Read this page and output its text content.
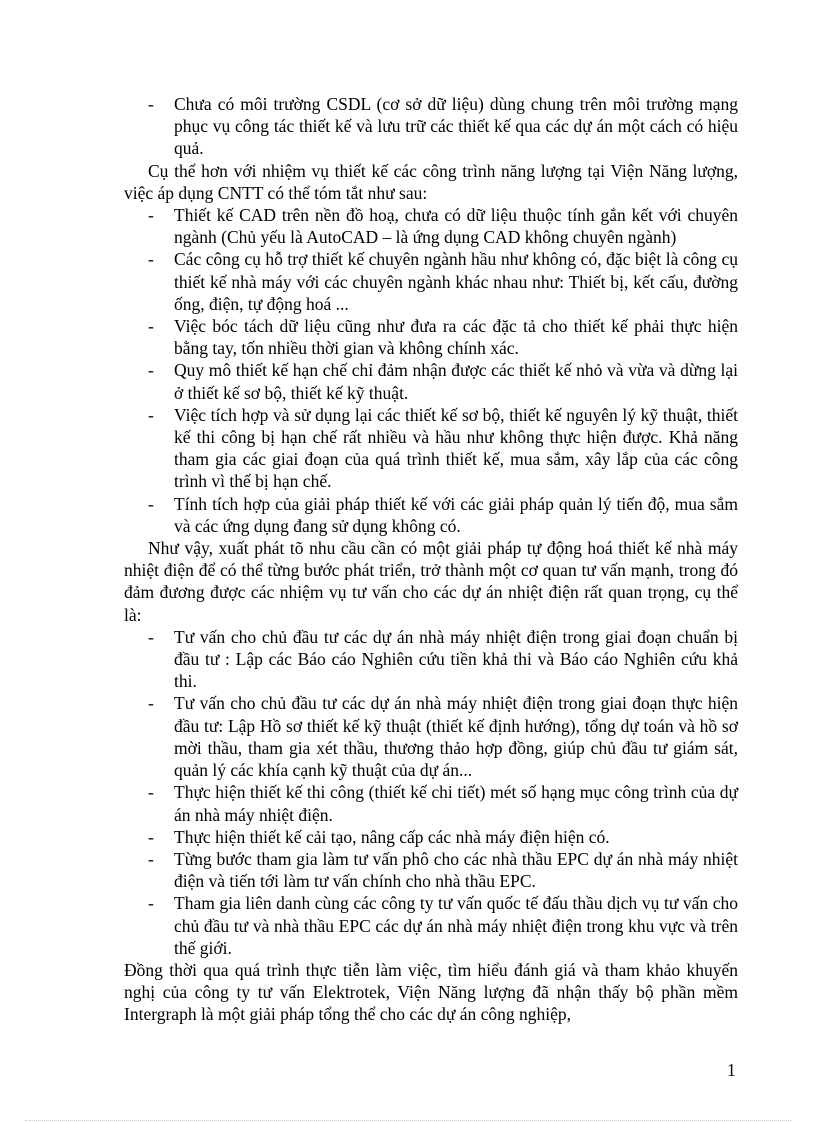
- Chưa có môi trường CSDL (cơ sở dữ liệu) dùng chung trên môi trường mạng phục vụ công tác thiết kế và lưu trữ các thiết kế qua các dự án một cách có hiệu quả.
Cụ thể hơn với nhiệm vụ thiết kế các công trình năng lượng tại Viện Năng lượng, việc áp dụng CNTT có thể tóm tắt như sau:
- Thiết kế CAD trên nền đồ hoạ, chưa có dữ liệu thuộc tính gắn kết với chuyên ngành (Chủ yếu là AutoCAD – là ứng dụng CAD không chuyên ngành)
- Các công cụ hỗ trợ thiết kế chuyên ngành hầu như không có, đặc biệt là công cụ thiết kế nhà máy với các chuyên ngành khác nhau như: Thiết bị, kết cấu, đường ống, điện, tự động hoá ...
- Việc bóc tách dữ liệu cũng như đưa ra các đặc tả cho thiết kế phải thực hiện bằng tay, tốn nhiều thời gian và không chính xác.
- Quy mô thiết kế hạn chế chỉ đảm nhận được các thiết kế nhỏ và vừa và dừng lại ở thiết kế sơ bộ, thiết kế kỹ thuật.
- Việc tích hợp và sử dụng lại các thiết kế sơ bộ, thiết kế nguyên lý kỹ thuật, thiết kế thi công bị hạn chế rất nhiều và hầu như không thực hiện được. Khả năng tham gia các giai đoạn của quá trình thiết kế, mua sắm, xây lắp của các công trình vì thế bị hạn chế.
- Tính tích hợp của giải pháp thiết kế với các giải pháp quản lý tiến độ, mua sắm và các ứng dụng đang sử dụng không có.
Như vậy, xuất phát tõ nhu cầu cần có một giải pháp tự động hoá thiết kế nhà máy nhiệt điện để có thể từng bước phát triển, trở thành một cơ quan tư vấn mạnh, trong đó đảm đương được các nhiệm vụ tư vấn cho các dự án nhiệt điện rất quan trọng, cụ thể là:
- Tư vấn cho chủ đầu tư các dự án nhà máy nhiệt điện trong giai đoạn chuẩn bị đầu tư : Lập các Báo cáo Nghiên cứu tiền khả thi và Báo cáo Nghiên cứu khả thi.
- Tư vấn cho chủ đầu tư các dự án nhà máy nhiệt điện trong giai đoạn thực hiện đầu tư: Lập Hồ sơ thiết kế kỹ thuật (thiết kế định hướng), tổng dự toán và hồ sơ mời thầu, tham gia xét thầu, thương thảo hợp đồng, giúp chủ đầu tư giám sát, quản lý các khía cạnh kỹ thuật của dự án...
- Thực hiện thiết kế thi công (thiết kế chi tiết) mét số hạng mục công trình của dự án nhà máy nhiệt điện.
- Thực hiện thiết kế cải tạo, nâng cấp các nhà máy điện hiện có.
- Từng bước tham gia làm tư vấn phô cho các nhà thầu EPC dự án nhà máy nhiệt điện và tiến tới làm tư vấn chính cho nhà thầu EPC.
- Tham gia liên danh cùng các công ty tư vấn quốc tế đấu thầu dịch vụ tư vấn cho chủ đầu tư và nhà thầu EPC các dự án nhà máy nhiệt điện trong khu vực và trên thế giới.
Đồng thời qua quá trình thực tiễn làm việc, tìm hiểu đánh giá và tham khảo khuyến nghị của công ty tư vấn Elektrotek, Viện Năng lượng đã nhận thấy bộ phần mềm Intergraph là một giải pháp tổng thể cho các dự án công nghiệp,
1
